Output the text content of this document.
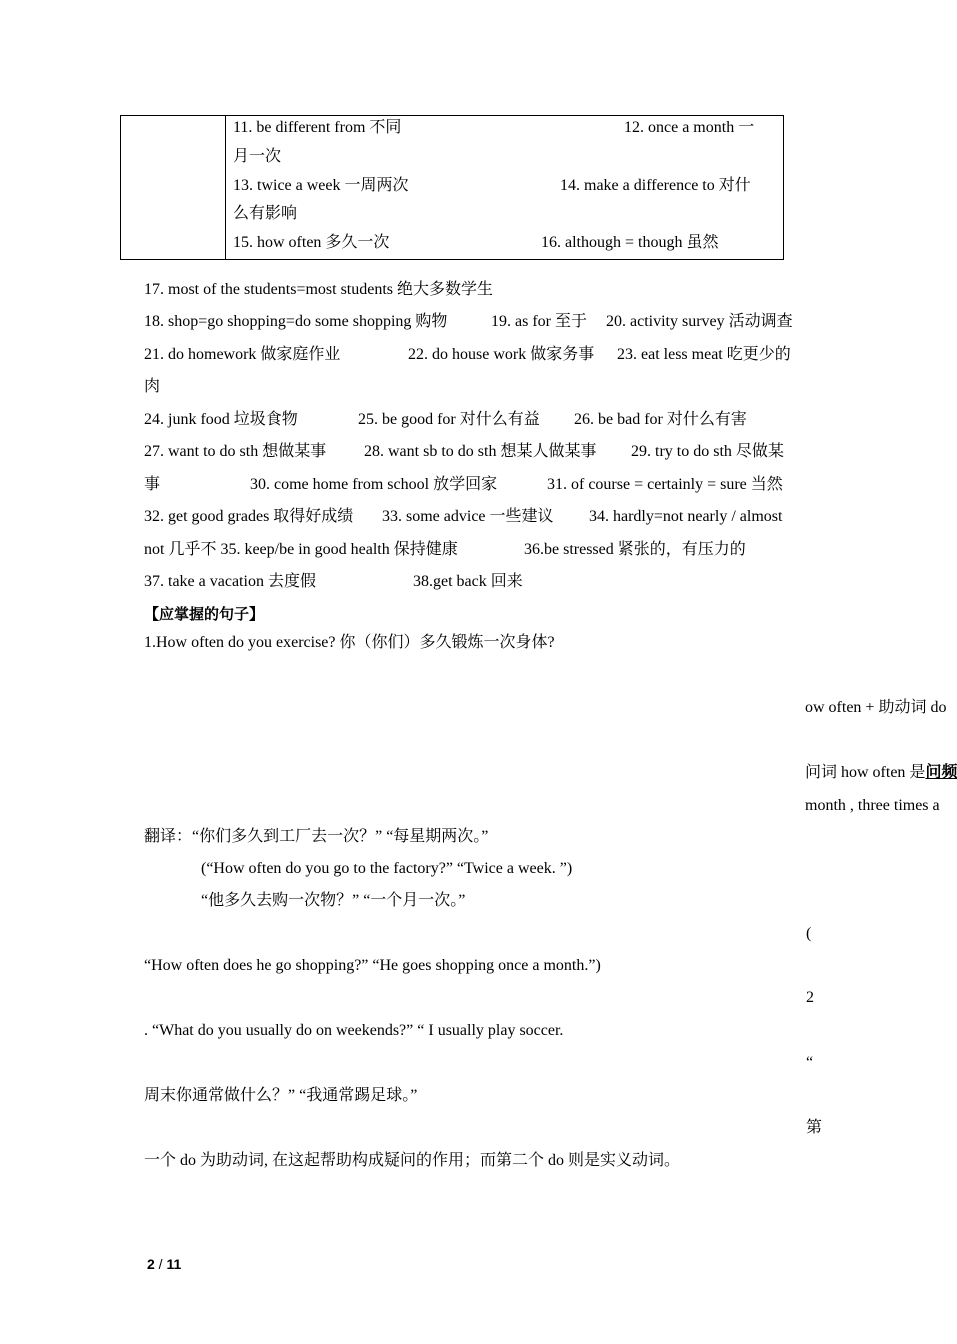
11. be different from 不同	12. once a month 一
月一次
13. twice a week 一周两次	14. make a difference to 对什
么有影响
15. how often 多久一次	16. although = though 虽然
17. most of the students=most students 绝大多数学生
18. shop=go shopping=do some shopping 购物	19. as for 至于 20. activity survey 活动调查
21. do homework 做家庭作业	22. do house work 做家务事 23. eat less meat 吃更少的
肉
24. junk food 垃圾食物	25. be good for 对什么有益 26. be bad for 对什么有害
27. want to do sth 想做某事 28. want sb to do sth 想某人做某事 29. try to do sth 尽做某
事	30. come home from school 放学回家	31. of course = certainly = sure 当然
32. get good grades 取得好成绩 33. some advice 一些建议 34. hardly=not nearly / almost
not 几乎不 35. keep/be in good health 保持健康	36.be stressed 紧张的，有压力的
37. take a vacation 去度假	38.get back 回来
【应掌握的句子】
1.How often do you exercise? 你（你们）多久锻炼一次身体?
ow often + 助动词 do
问词 how often 是问频
month , three times a
翻译：“你们多久到工厂去一次？” “每星期两次。”
(“How often do you go to the factory?” “Twice a week. ”)
“他多久去购一次物？” “一个月一次。”
(
“How often does he go shopping?” “He goes shopping once a month.”)
2
. “What do you usually do on weekends?” “ I usually play soccer.
“
周末你通常做什么？” “我通常踢足球。”
第
一个 do 为助动词, 在这起帮助构成疑问的作用；而第二个 do 则是实义动词。
2 / 11
